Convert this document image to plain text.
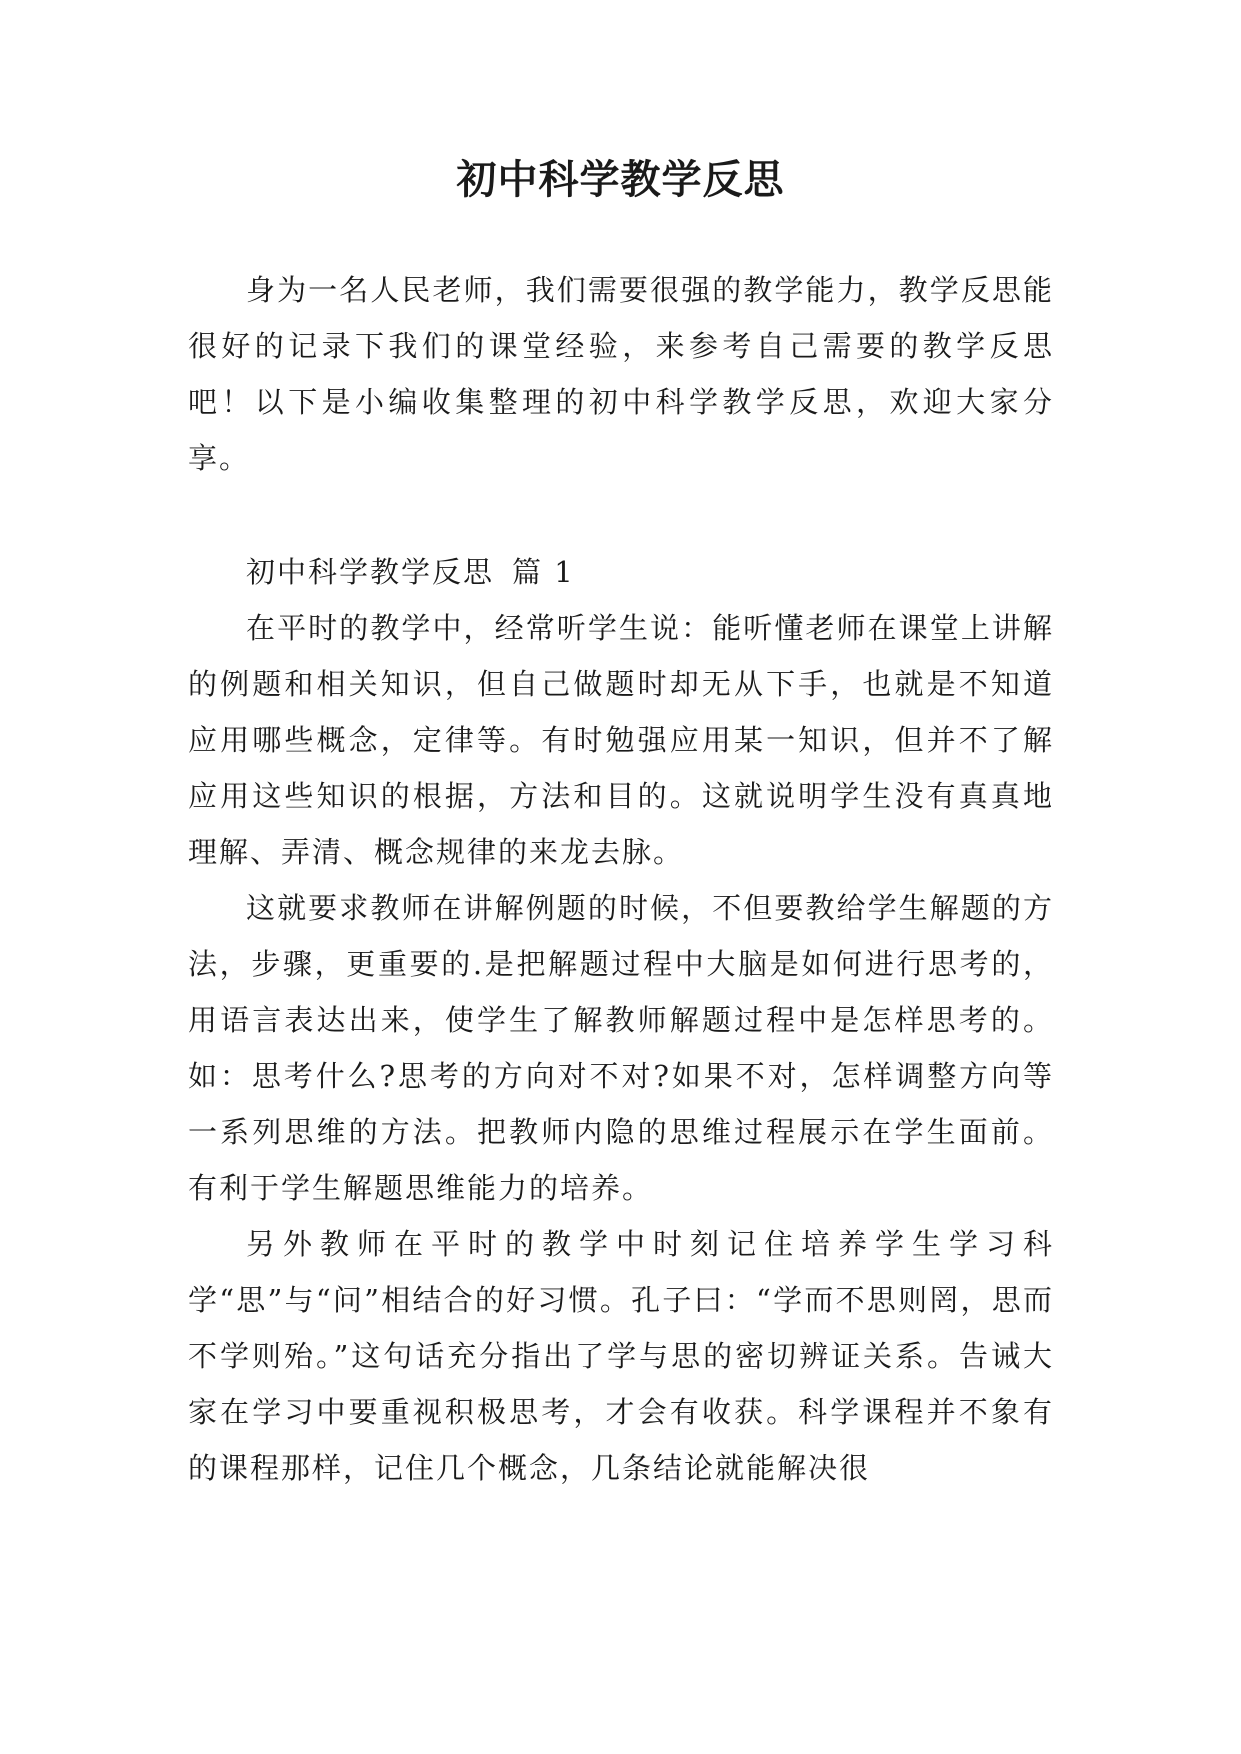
初中科学教学反思

身为一名人民老师，我们需要很强的教学能力，教学反思能很好的记录下我们的课堂经验，来参考自己需要的教学反思吧！以下是小编收集整理的初中科学教学反思，欢迎大家分享。

初中科学教学反思 篇 1

在平时的教学中，经常听学生说：能听懂老师在课堂上讲解的例题和相关知识，但自己做题时却无从下手，也就是不知道应用哪些概念，定律等。有时勉强应用某一知识，但并不了解应用这些知识的根据，方法和目的。这就说明学生没有真真地理解、弄清、概念规律的来龙去脉。

这就要求教师在讲解例题的时候，不但要教给学生解题的方法，步骤，更重要的.是把解题过程中大脑是如何进行思考的，用语言表达出来，使学生了解教师解题过程中是怎样思考的。如：思考什么?思考的方向对不对?如果不对，怎样调整方向等一系列思维的方法。把教师内隐的思维过程展示在学生面前。有利于学生解题思维能力的培养。

另外教师在平时的教学中时刻记住培养学生学习科学“思”与“问”相结合的好习惯。孔子曰：“学而不思则罔，思而不学则殆。”这句话充分指出了学与思的密切辨证关系。告诫大家在学习中要重视积极思考，才会有收获。科学课程并不象有的课程那样，记住几个概念，几条结论就能解决很
